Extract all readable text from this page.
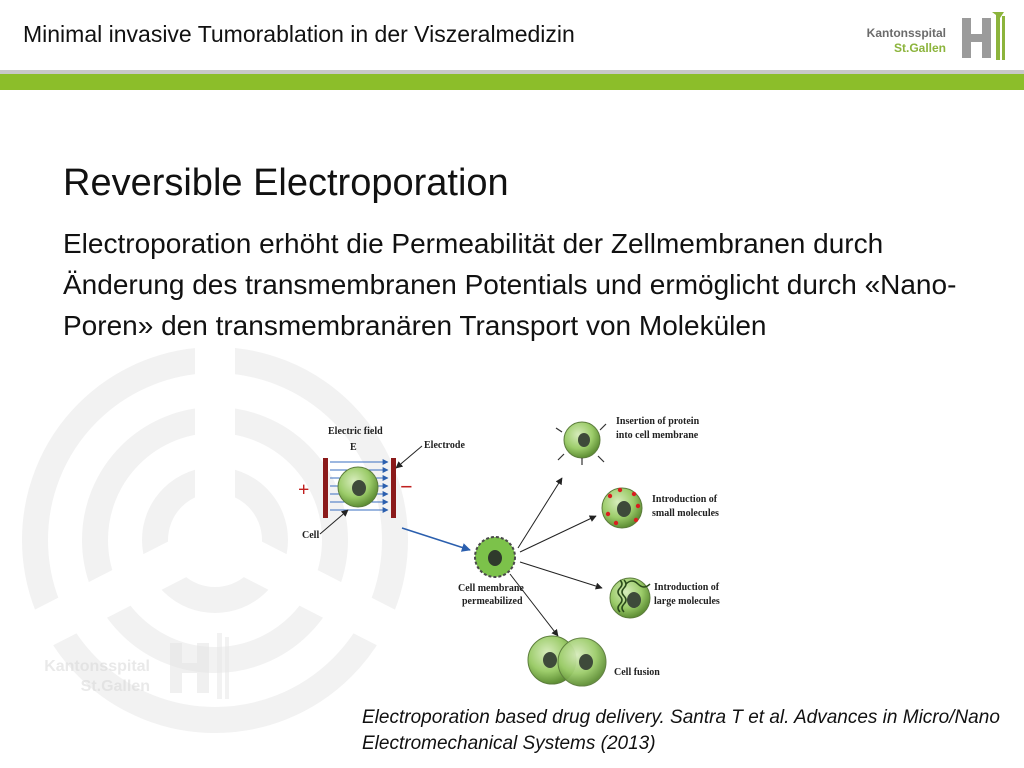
Minimal invasive Tumorablation in der Viszeralmedizin	Kantonsspital
St.Gallen
Kantonsspital
St.Gallen
Reversible Electroporation
Electroporation erhöht die Permeabilität der Zellmembranen durch Änderung des transmembranen Potentials und ermöglicht durch «Nano-Poren» den transmembranären Transport von Molekülen
Electric field
E	Electrode
+	−
Cell
Cell membrane
permeabilized
Insertion of protein
into cell membrane
Introduction of
small molecules
Introduction of
large molecules
Cell fusion
Electroporation based drug delivery. Santra T et al. Advances in Micro/Nano Electromechanical Systems (2013)
